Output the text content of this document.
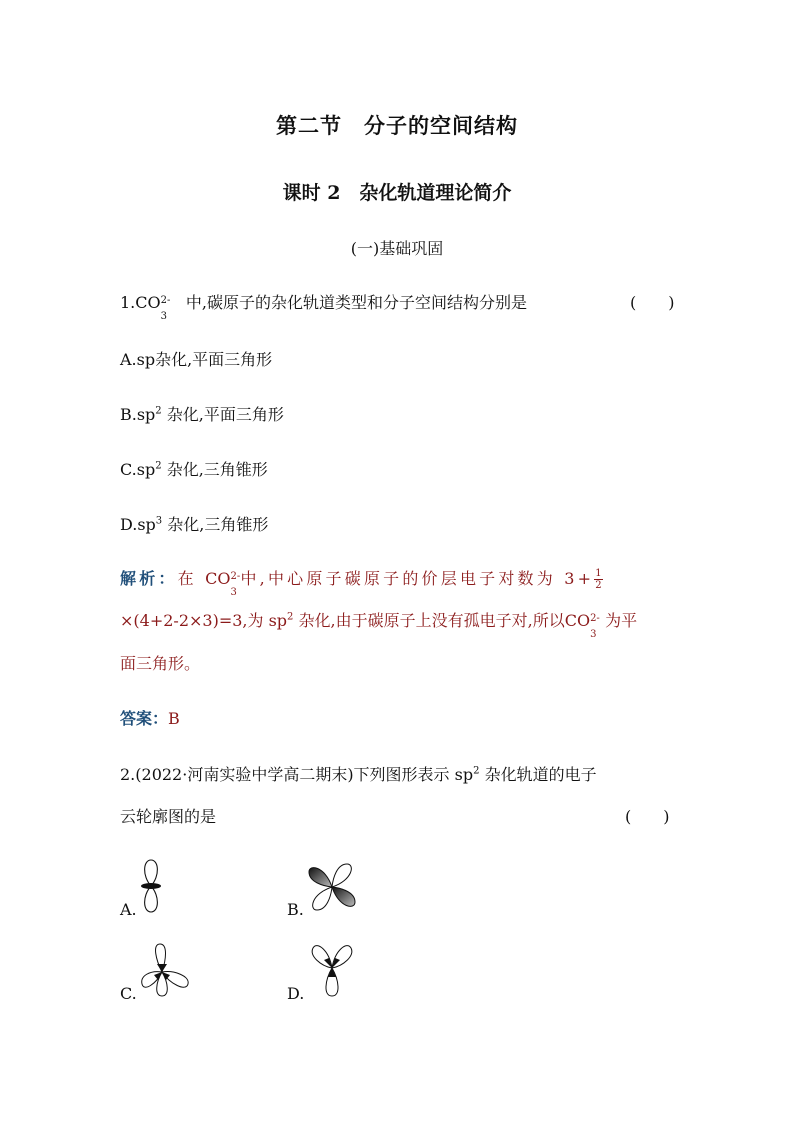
第二节　分子的空间结构
课时 2　杂化轨道理论简介
(一)基础巩固
1.CO 2-
3
中,碳原子的杂化轨道类型和分子空间结构分别是	(　　)
A.sp杂化,平面三角形
$B.sp^2$ 杂化,平面三角形
$C.sp^2$ 杂化,三角锥形
$D.sp^3$ 杂化,三角锥形
解析：在 CO 2-
3
中,中心原子碳原子的价层电子对数为 $3+ \frac{1}{2}$
×(4+2-2×3)=3,为 $sp^2$ 杂化,由于碳原子上没有孤电子对,所以CO 2-
3
为平
面三角形。
答案：B
2.(2022·河南实验中学高二期末)下列图形表示 $sp^2$ 杂化轨道的电子
云轮廓图的是	(　　)
A.	B.
C.	D.
